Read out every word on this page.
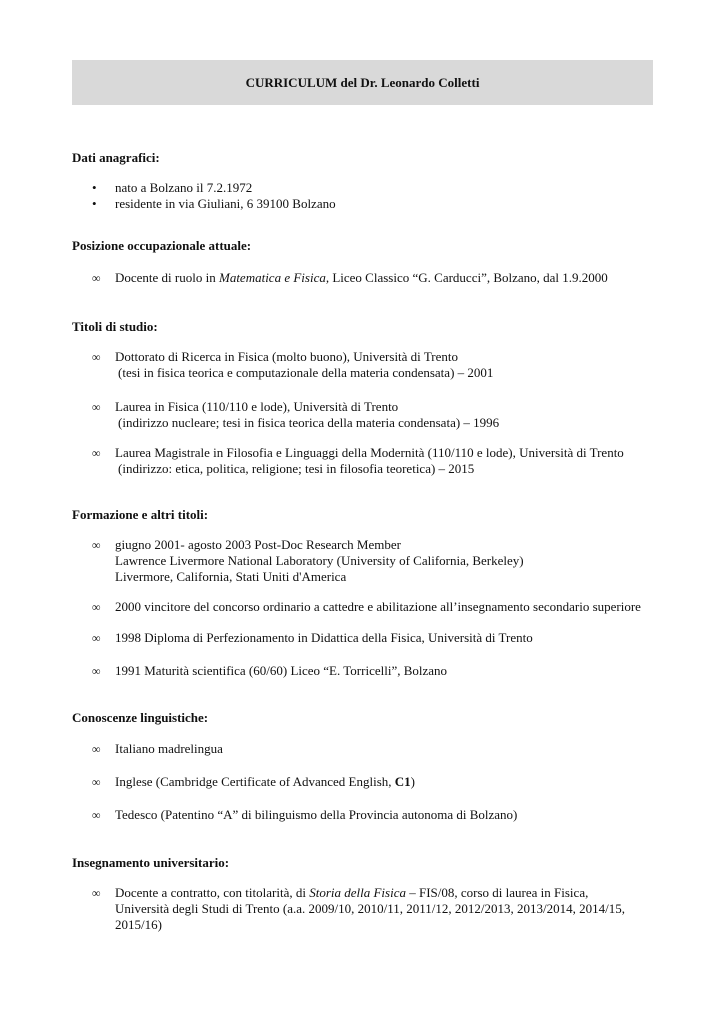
CURRICULUM del Dr. Leonardo Colletti
Dati anagrafici:
•	nato a Bolzano il 7.2.1972
•	residente in via Giuliani, 6 39100 Bolzano
Posizione occupazionale attuale:
∞	Docente di ruolo in Matematica e Fisica, Liceo Classico “G. Carducci”, Bolzano, dal 1.9.2000
Titoli di studio:
∞	Dottorato di Ricerca in Fisica (molto buono), Università di Trento
(tesi in fisica teorica e computazionale della materia condensata) – 2001
∞	Laurea in Fisica (110/110 e lode), Università di Trento
(indirizzo nucleare; tesi in fisica teorica della materia condensata) – 1996
∞	Laurea Magistrale in Filosofia e Linguaggi della Modernità (110/110 e lode), Università di Trento
(indirizzo: etica, politica, religione; tesi in filosofia teoretica) – 2015
Formazione e altri titoli:
∞	giugno 2001- agosto 2003 Post-Doc Research Member
Lawrence Livermore National Laboratory (University of California, Berkeley)
Livermore, California, Stati Uniti d'America
∞	2000 vincitore del concorso ordinario a cattedre e abilitazione all’insegnamento secondario superiore
∞	1998 Diploma di Perfezionamento in Didattica della Fisica, Università di Trento
∞	1991 Maturità scientifica (60/60) Liceo “E. Torricelli”, Bolzano
Conoscenze linguistiche:
∞	Italiano madrelingua
∞	Inglese (Cambridge Certificate of Advanced English, C1)
∞	Tedesco (Patentino “A” di bilinguismo della Provincia autonoma di Bolzano)
Insegnamento universitario:
∞	Docente a contratto, con titolarità, di Storia della Fisica – FIS/08, corso di laurea in Fisica,
Università degli Studi di Trento (a.a. 2009/10, 2010/11, 2011/12, 2012/2013, 2013/2014, 2014/15,
2015/16)
